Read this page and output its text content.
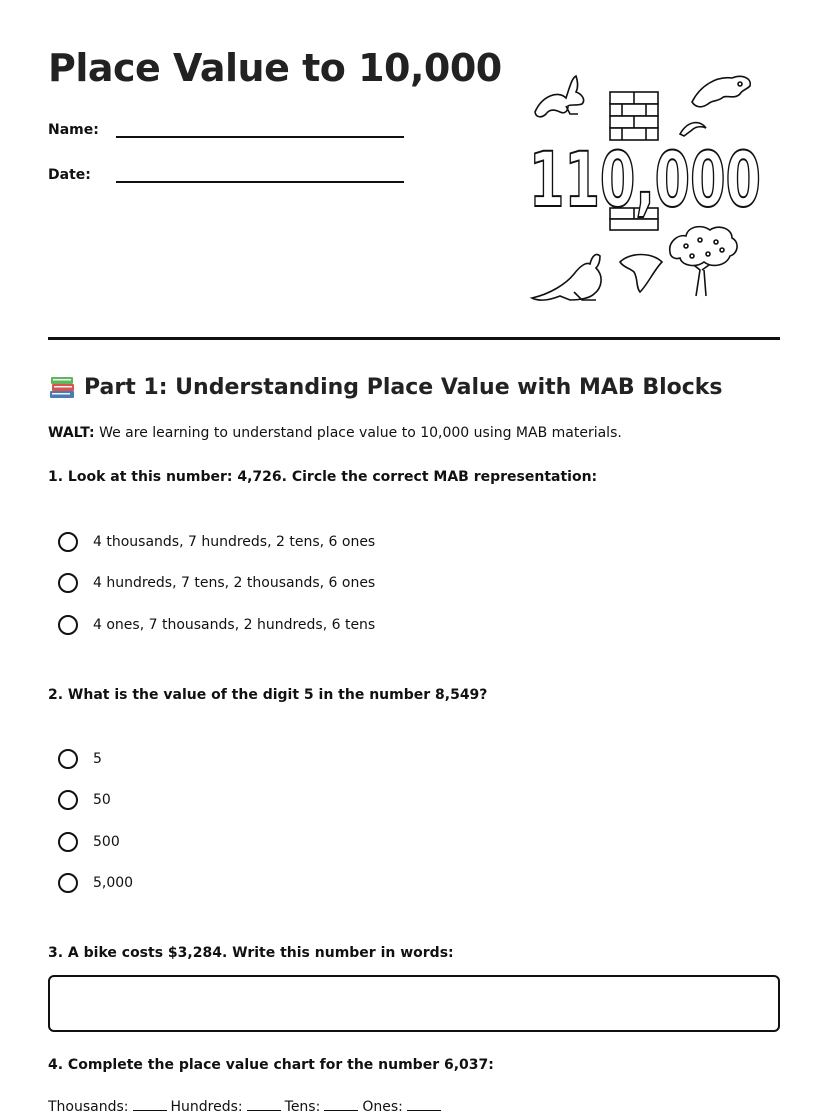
Place Value to 10,000
Name:
Date:	110,000
Part 1: Understanding Place Value with MAB Blocks
WALT: We are learning to understand place value to 10,000 using MAB materials.
1. Look at this number: 4,726. Circle the correct MAB representation:
4 thousands, 7 hundreds, 2 tens, 6 ones
4 hundreds, 7 tens, 2 thousands, 6 ones
4 ones, 7 thousands, 2 hundreds, 6 tens
2. What is the value of the digit 5 in the number 8,549?
5
50
500
5,000
3. A bike costs $3,284. Write this number in words:
4. Complete the place value chart for the number 6,037:
Thousands:	Hundreds:	Tens:	Ones:
